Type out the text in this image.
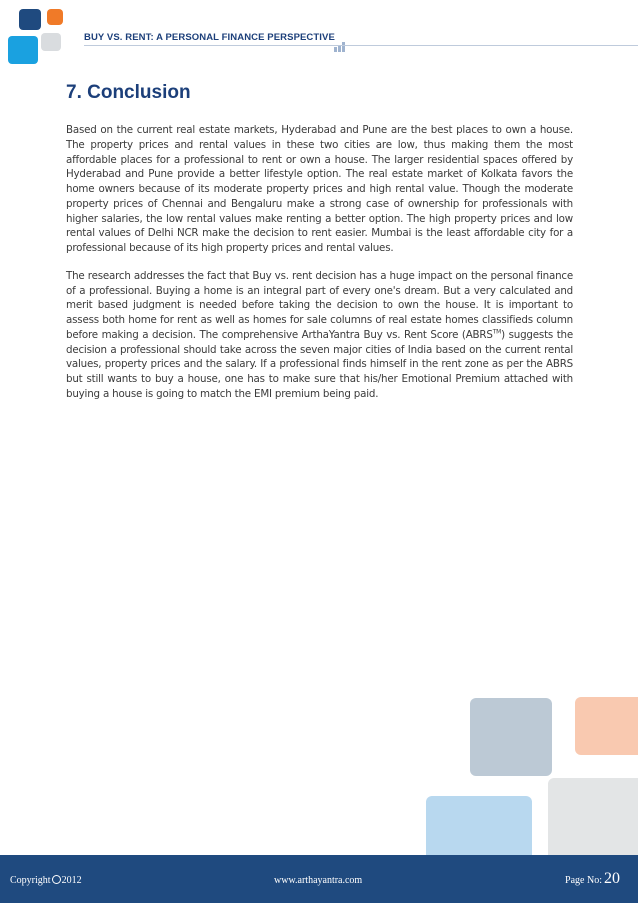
BUY VS. RENT: A PERSONAL FINANCE PERSPECTIVE
7. Conclusion

Based on the current real estate markets, Hyderabad and Pune are the best places to own a house. The property prices and rental values in these two cities are low, thus making them the most affordable places for a professional to rent or own a house. The larger residential spaces offered by Hyderabad and Pune provide a better lifestyle option. The real estate market of Kolkata favors the home owners because of its moderate property prices and high rental value. Though the moderate property prices of Chennai and Bengaluru make a strong case of ownership for professionals with higher salaries, the low rental values make renting a better option. The high property prices and low rental values of Delhi NCR make the decision to rent easier. Mumbai is the least affordable city for a professional because of its high property prices and rental values.

The research addresses the fact that Buy vs. rent decision has a huge impact on the personal finance of a professional. Buying a home is an integral part of every one's dream. But a very calculated and merit based judgment is needed before taking the decision to own the house. It is important to assess both home for rent as well as homes for sale columns of real estate homes classifieds column before making a decision. The comprehensive ArthaYantra Buy vs. Rent Score (ABRS™) suggests the decision a professional should take across the seven major cities of India based on the current rental values, property prices and the salary. If a professional finds himself in the rent zone as per the ABRS but still wants to buy a house, one has to make sure that his/her Emotional Premium attached with buying a house is going to match the EMI premium being paid.

Copyright 2012	www.arthayantra.com	Page No: 20
